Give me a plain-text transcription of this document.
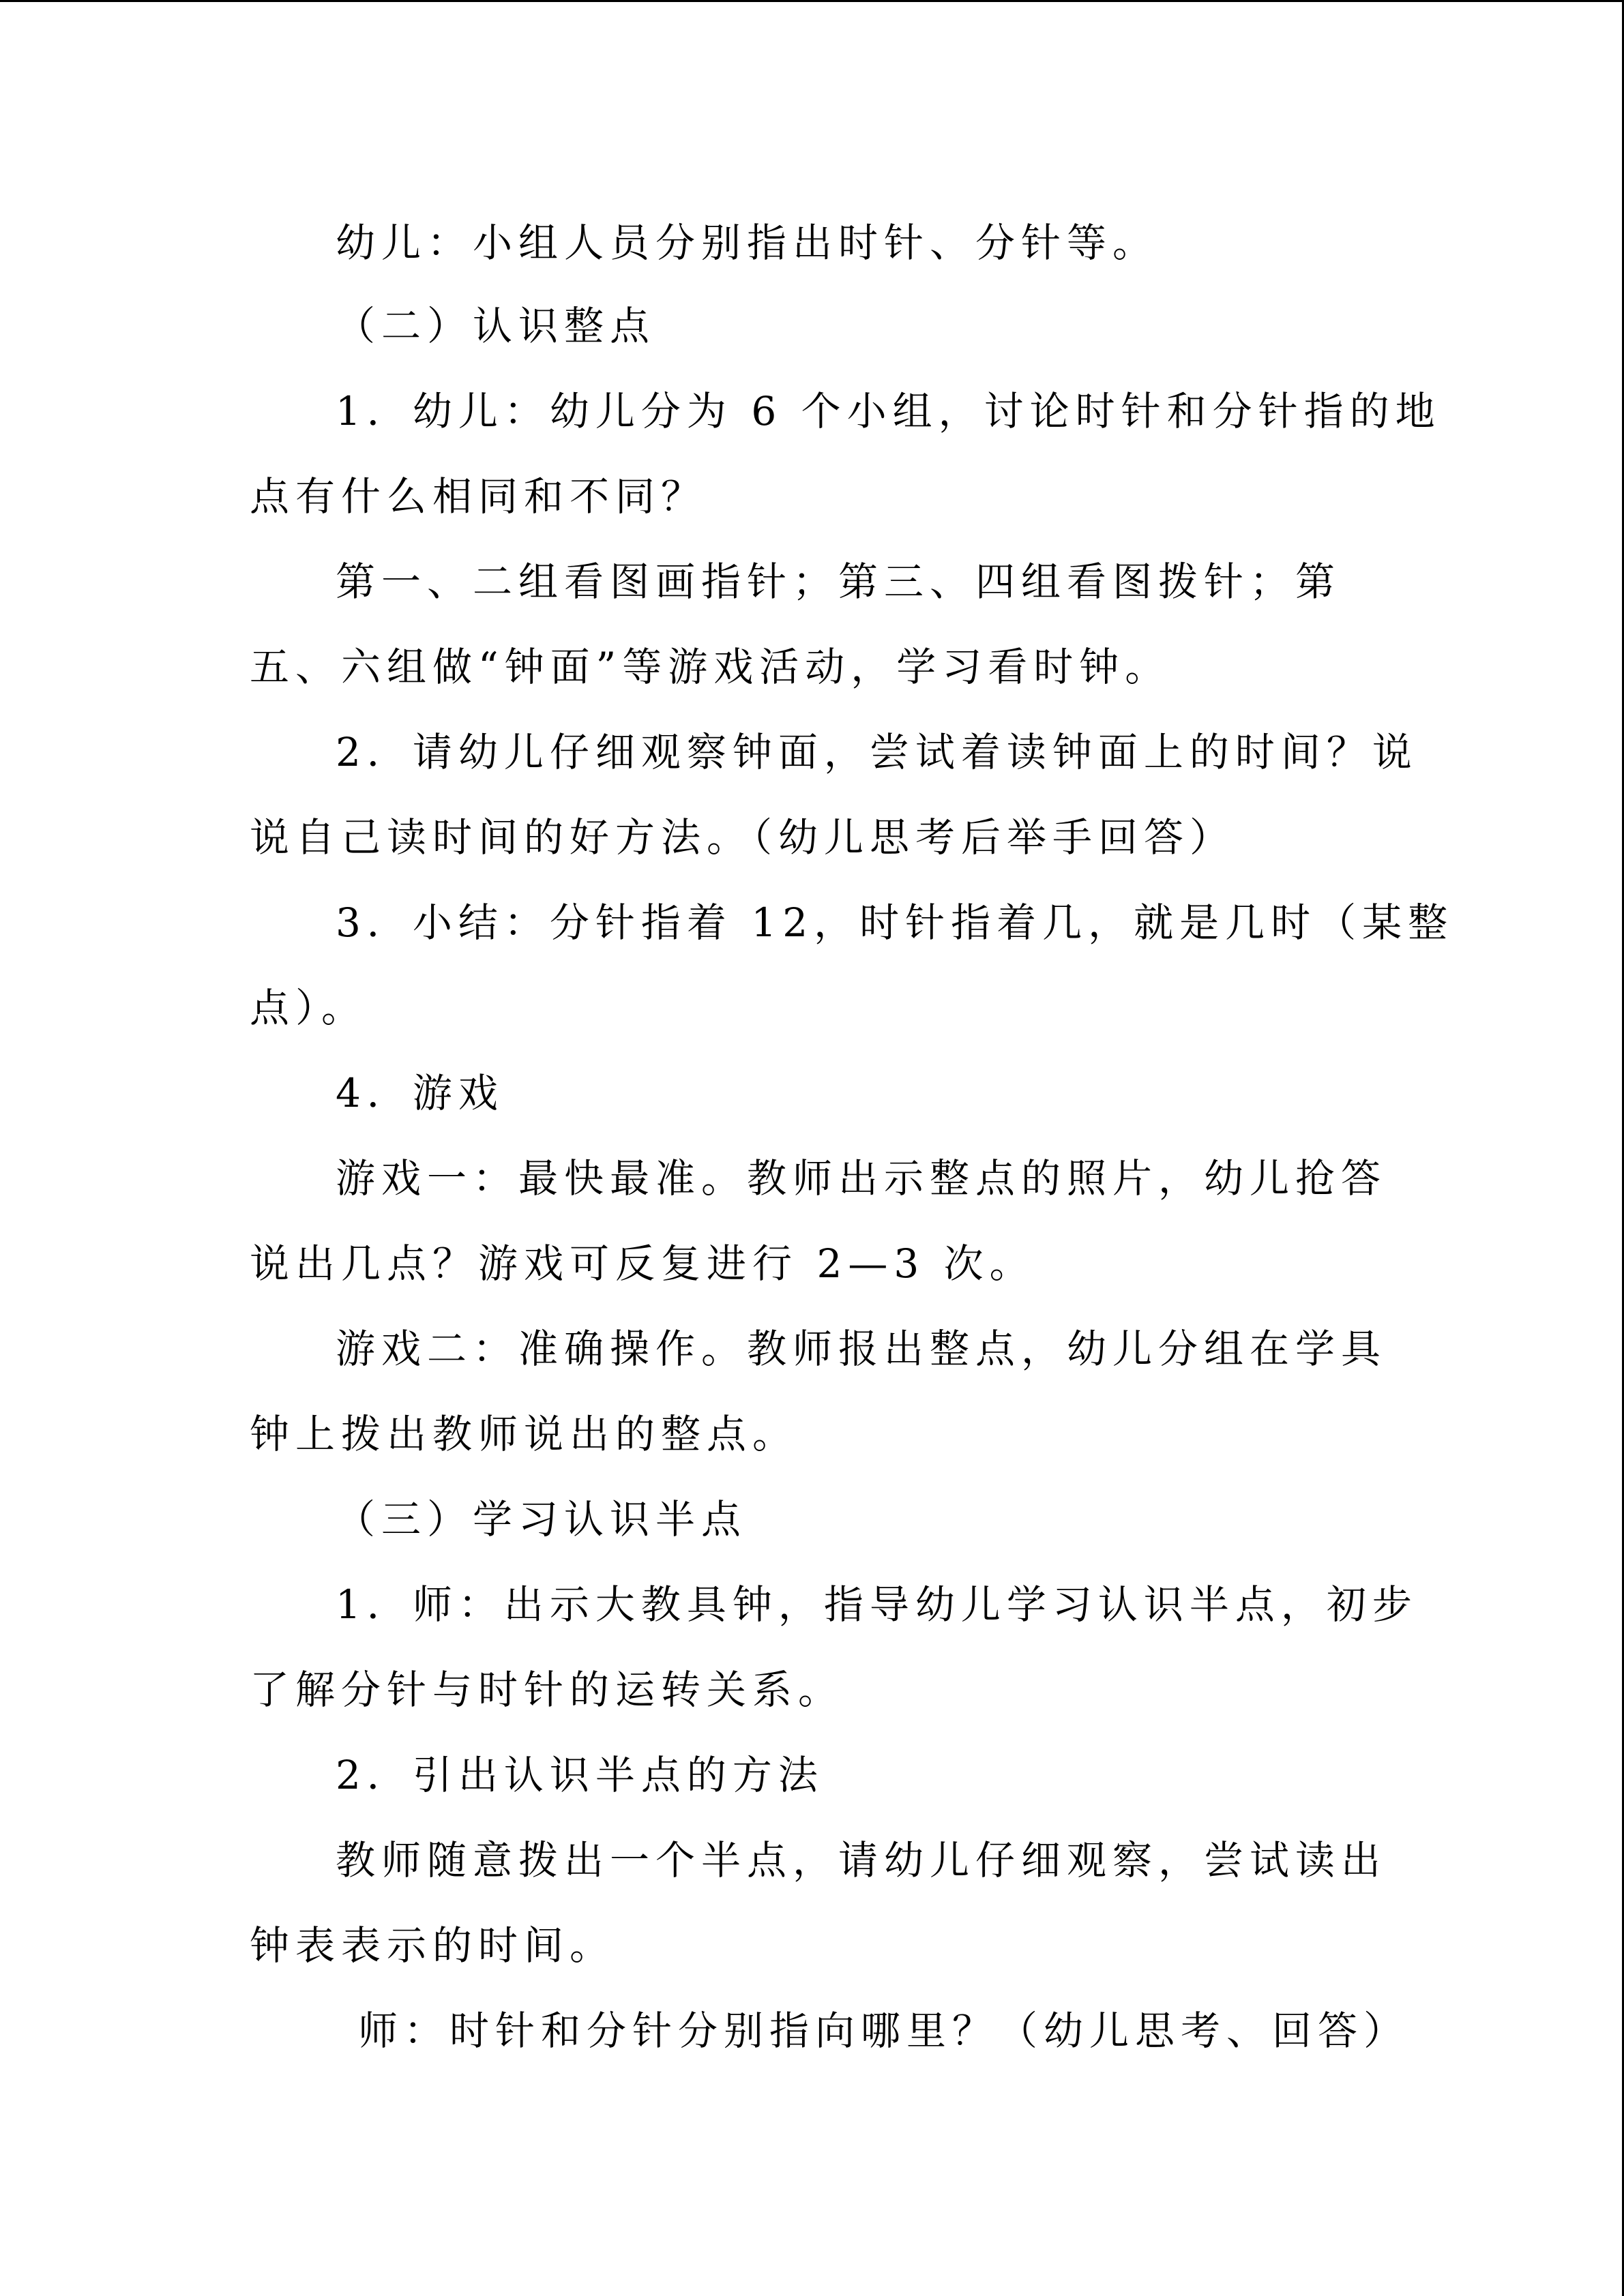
幼儿：小组人员分别指出时针、分针等。
（二）认识整点
1．幼儿：幼儿分为 6 个小组，讨论时针和分针指的地
点有什么相同和不同？
第一、二组看图画指针；第三、四组看图拨针；第
五、六组做“钟面”等游戏活动，学习看时钟。
2．请幼儿仔细观察钟面，尝试着读钟面上的时间？说
说自己读时间的好方法。（幼儿思考后举手回答）
3．小结：分针指着 12，时针指着几，就是几时（某整
点）。
4．游戏
游戏一：最快最准。教师出示整点的照片，幼儿抢答
说出几点？游戏可反复进行 2—3 次。
游戏二：准确操作。教师报出整点，幼儿分组在学具
钟上拨出教师说出的整点。
（三）学习认识半点
1．师：出示大教具钟，指导幼儿学习认识半点，初步
了解分针与时针的运转关系。
2．引出认识半点的方法
教师随意拨出一个半点，请幼儿仔细观察，尝试读出
钟表表示的时间。
师：时针和分针分别指向哪里？（幼儿思考、回答）
